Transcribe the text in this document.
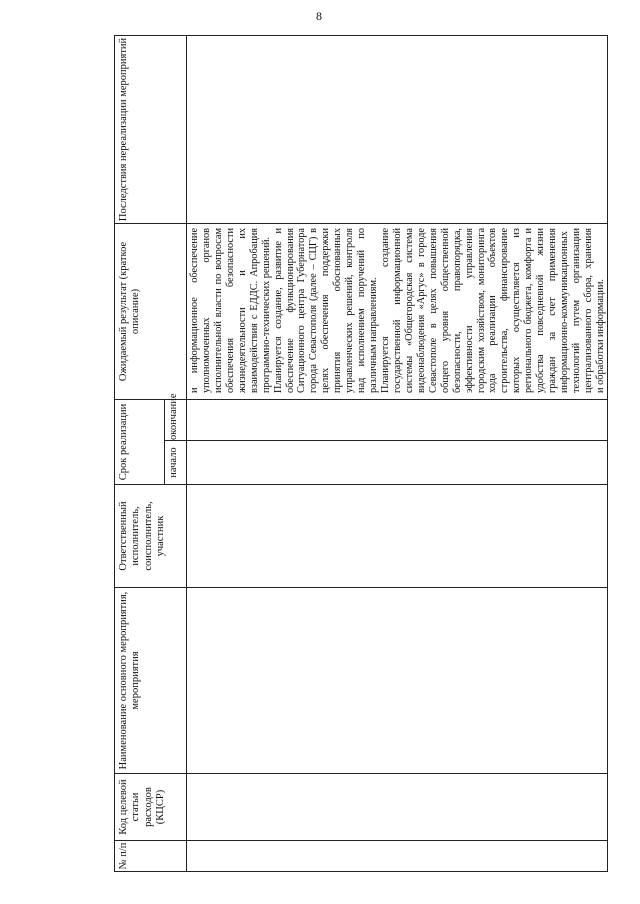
8
№ п/п	Код целевой статьи расходов (КЦСР)	Наименование основного мероприятия, мероприятия	Ответственный исполнитель, соисполнитель, участник	Срок реализации		Ожидаемый результат (краткое описание)	Последствия нереализации мероприятий
				начало	окончание		

						и информационное обеспечение уполномоченных органов исполнительной власти по вопросам обеспечения безопасности жизнедеятельности и их взаимодействия с ЕДДС. Апробация программно-технических решений. Планируется создание, развитие и обеспечение функционирования Ситуационного центра Губернатора города Севастополя (далее – СЦГ) в целях обеспечения поддержки принятия обоснованных управленческих решений, контроля над исполнением поручений по различным направлениям. Планируется создание государственной информационной системы «Общегородская система видеонаблюдения «Аргус» в городе Севастополе в целях повышения общего уровня общественной безопасности, правопорядка, эффективности управления городским хозяйством, мониторинга хода реализации объектов строительства, финансирование которых осуществляется из регионального бюджета, комфорта и удобства повседневной жизни граждан за счет применения информационно-коммуникационных технологий путем организации централизованного сбора, хранения и обработки информации.	
